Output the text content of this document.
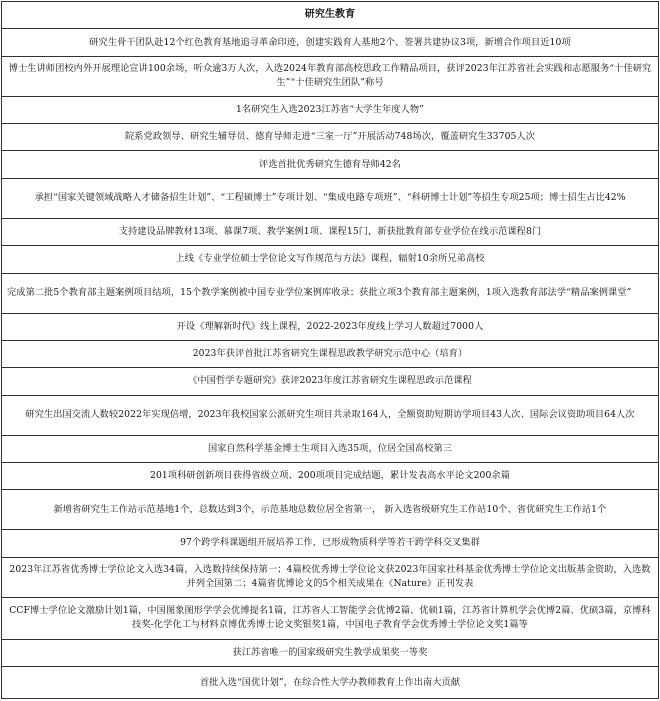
研究生教育
研究生骨干团队赴12个红色教育基地追寻革命印迹，创建实践育人基地2个、签署共建协议3项，新增合作项目近10项
博士生讲师团校内外开展理论宣讲100余场，听众逾3万人次，入选2024年教育部高校思政工作精品项目，获评2023年江苏省社会实践和志愿服务“十佳研究生”“十佳研究生团队”称号
1名研究生入选2023江苏省“大学生年度人物”
院系党政领导、研究生辅导员、德育导师走进“三室一厅”开展活动748场次，覆盖研究生33705人次
评选首批优秀研究生德育导师42名
承担“国家关键领域战略人才储备招生计划”、“工程硕博士”专项计划、“集成电路专项班”、“科研博士计划”等招生专项25项；博士招生占比42%
支持建设品牌教材13项、慕课7项、教学案例1项、课程15门，新获批教育部专业学位在线示范课程8门
上线《专业学位硕士学位论文写作规范与方法》课程，辐射10余所兄弟高校
完成第二批5个教育部主题案例项目结项，15个教学案例被中国专业学位案例库收录；获批立项3个教育部主题案例，1项入选教育部法学“精品案例课堂”
开设《理解新时代》线上课程，2022-2023年度线上学习人数超过7000人
2023年获评首批江苏省研究生课程思政教学研究示范中心（培育）
《中国哲学专题研究》获评2023年度江苏省研究生课程思政示范课程
研究生出国交流人数较2022年实现倍增，2023年我校国家公派研究生项目共录取164人，全额资助短期访学项目43人次、国际会议资助项目64人次
国家自然科学基金博士生项目入选35项，位居全国高校第三
201项科研创新项目获得省级立项、200项项目完成结题，累计发表高水平论文200余篇
新增省研究生工作站示范基地1个，总数达到3个，示范基地总数位居全省第一， 新入选省级研究生工作站10个、省优研究生工作站1个
97个跨学科课题组开展培养工作，已形成物质科学等若干跨学科交叉集群
2023年江苏省优秀博士学位论文入选34篇，入选数持续保持第一；4篇校优秀博士学位论文获2023年国家社科基金优秀博士学位论文出版基金资助，入选数并列全国第二；4篇省优博论文的5个相关成果在《Nature》正刊发表
CCF博士学位论文激励计划1篇，中国图象图形学学会优博提名1篇，江苏省人工智能学会优博2篇、优硕1篇，江苏省计算机学会优博2篇、优硕3篇，京博科技奖-化学化工与材料京博优秀博士论文奖银奖1篇，中国电子教育学会优秀博士学位论文奖1篇等
获江苏省唯一的国家级研究生教学成果奖一等奖
首批入选“国优计划”，在综合性大学办教师教育上作出南大贡献
